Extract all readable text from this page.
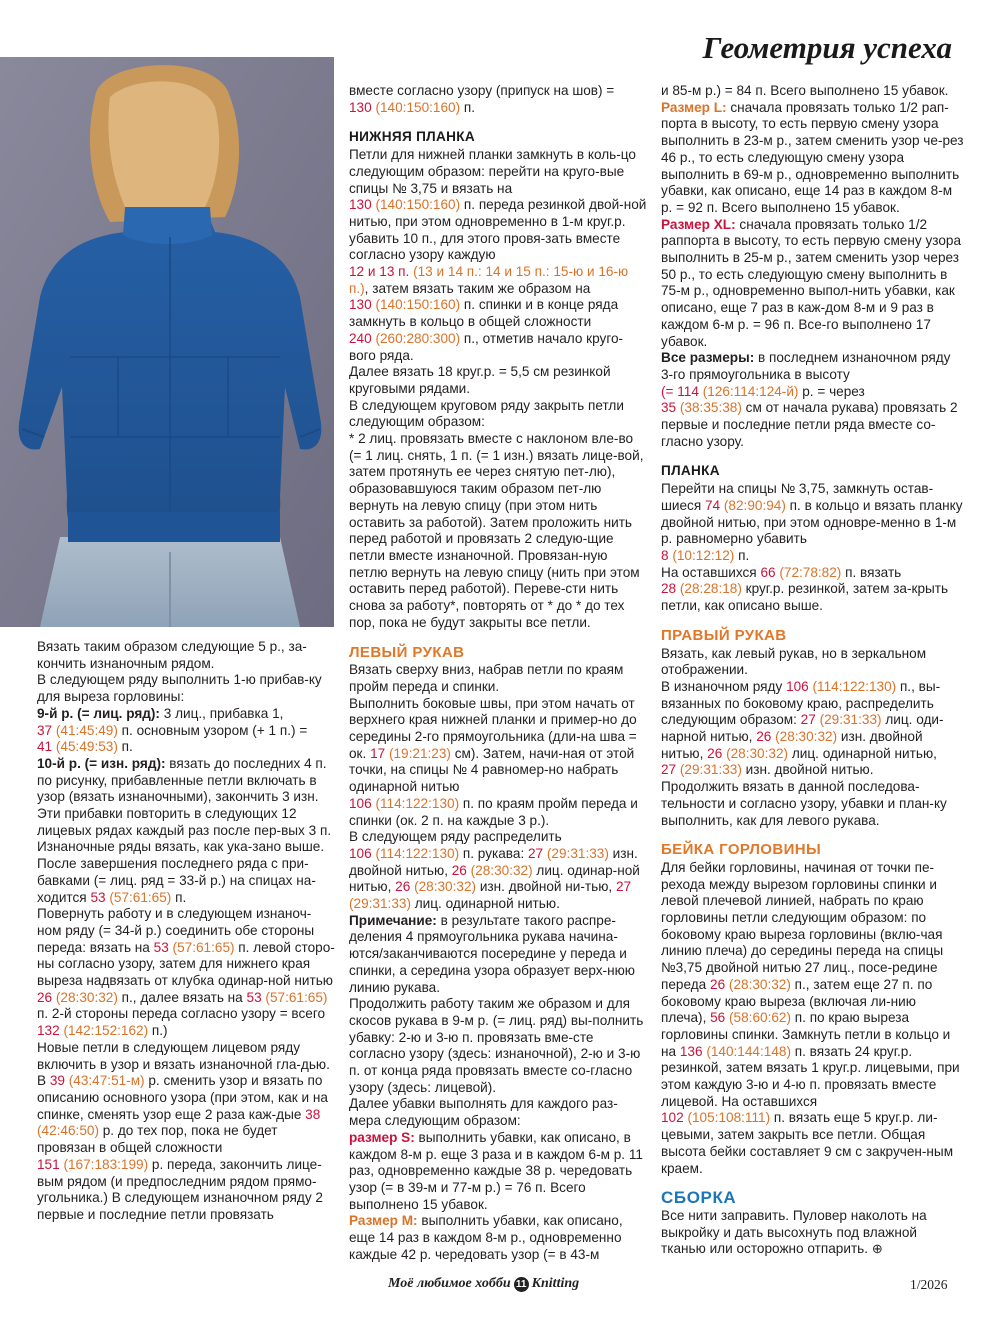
Геометрия успеха

Вязать таким образом следующие 5 р., за-кончить изнаночным рядом.

В следующем ряду выполнить 1-ю прибав-ку для выреза горловины:

9-й р. (= лиц. ряд): 3 лиц., прибавка 1,
37 (41:45:49) п. основным узором (+ 1 п.) =
41 (45:49:53) п.

10-й р. (= изн. ряд): вязать до последних 4 п. по рисунку, прибавленные петли включать в узор (вязать изнаночными), закончить 3 изн.

Эти прибавки повторить в следующих 12 лицевых рядах каждый раз после пер-вых 3 п. Изнаночные ряды вязать, как ука-зано выше.

После завершения последнего ряда с при-бавками (= лиц. ряд = 33-й р.) на спицах на-ходится 53 (57:61:65) п.

Повернуть работу и в следующем изнаноч-ном ряду (= 34-й р.) соединить обе стороны переда: вязать на 53 (57:61:65) п. левой сторо-ны согласно узору, затем для нижнего края выреза надвязать от клубка одинар-ной нитью 26 (28:30:32) п., далее вязать на 53 (57:61:65) п. 2-й стороны переда согласно узору = всего 132 (142:152:162) п.)

Новые петли в следующем лицевом ряду включить в узор и вязать изнаночной гла-дью.

В 39 (43:47:51-м) р. сменить узор и вязать по описанию основного узора (при этом, как и на спинке, сменять узор еще 2 раза каж-дые 38 (42:46:50) р. до тех пор, пока не будет провязан в общей сложности
151 (167:183:199) р. переда, закончить лице-вым рядом (и предпоследним рядом прямо-угольника.) В следующем изнаночном ряду 2 первые и последние петли провязать

вместе согласно узору (припуск на шов) =
130 (140:150:160) п.

НИЖНЯЯ ПЛАНКА

Петли для нижней планки замкнуть в коль-цо следующим образом: перейти на круго-вые спицы № 3,75 и вязать на
130 (140:150:160) п. переда резинкой двой-ной нитью, при этом одновременно в 1-м круг.р. убавить 10 п., для этого провя-зать вместе согласно узору каждую
12 и 13 п. (13 и 14 п.: 14 и 15 п.: 15-ю и 16-ю п.), затем вязать таким же образом на
130 (140:150:160) п. спинки и в конце ряда замкнуть в кольцо в общей сложности
240 (260:280:300) п., отметив начало круго-вого ряда.

Далее вязать 18 круг.р. = 5,5 см резинкой круговыми рядами.

В следующем круговом ряду закрыть петли следующим образом:

* 2 лиц. провязать вместе с наклоном вле-во (= 1 лиц. снять, 1 п. (= 1 изн.) вязать лице-вой, затем протянуть ее через снятую пет-лю), образовавшуюся таким образом пет-лю вернуть на левую спицу (при этом нить оставить за работой). Затем проложить нить перед работой и провязать 2 следую-щие петли вместе изнаночной. Провязан-ную петлю вернуть на левую спицу (нить при этом оставить перед работой). Переве-сти нить снова за работу*, повторять от * до * до тех пор, пока не будут закрыты все петли.

ЛЕВЫЙ РУКАВ

Вязать сверху вниз, набрав петли по краям пройм переда и спинки.

Выполнить боковые швы, при этом начать от верхнего края нижней планки и пример-но до середины 2-го прямоугольника (дли-на шва = ок. 17 (19:21:23) см). Затем, начи-ная от этой точки, на спицы № 4 равномер-но набрать одинарной нитью
106 (114:122:130) п. по краям пройм переда и спинки (ок. 2 п. на каждые 3 р.).

В следующем ряду распределить
106 (114:122:130) п. рукава: 27 (29:31:33) изн. двойной нитью, 26 (28:30:32) лиц. одинар-ной нитью, 26 (28:30:32) изн. двойной ни-тью, 27 (29:31:33) лиц. одинарной нитью.

Примечание: в результате такого распре-деления 4 прямоугольника рукава начина-ются/заканчиваются посередине у переда и спинки, а середина узора образует верх-нюю линию рукава.

Продолжить работу таким же образом и для скосов рукава в 9-м р. (= лиц. ряд) вы-полнить убавку: 2-ю и 3-ю п. провязать вме-сте согласно узору (здесь: изнаночной), 2-ю и 3-ю п. от конца ряда провязать вместе со-гласно узору (здесь: лицевой).

Далее убавки выполнять для каждого раз-мера следующим образом:

размер S: выполнить убавки, как описано, в каждом 8-м р. еще 3 раза и в каждом 6-м р. 11 раз, одновременно каждые 38 р. чередовать узор (= в 39-м и 77-м р.) = 76 п. Всего выполнено 15 убавок.

Размер M: выполнить убавки, как описано, еще 14 раз в каждом 8-м р., одновременно каждые 42 р. чередовать узор (= в 43-м

и 85-м р.) = 84 п. Всего выполнено 15 убавок.

Размер L: сначала провязать только 1/2 рап-порта в высоту, то есть первую смену узора выполнить в 23-м р., затем сменить узор че-рез 46 р., то есть следующую смену узора выполнить в 69-м р., одновременно выполнить убавки, как описано, еще 14 раз в каждом 8-м р. = 92 п. Всего выполнено 15 убавок.

Размер XL: сначала провязать только 1/2 раппорта в высоту, то есть первую смену узора выполнить в 25-м р., затем сменить узор через 50 р., то есть следующую смену выполнить в 75-м р., одновременно выпол-нить убавки, как описано, еще 7 раз в каж-дом 8-м и 9 раз в каждом 6-м р. = 96 п. Все-го выполнено 17 убавок.

Все размеры: в последнем изнаночном ряду 3-го прямоугольника в высоту
(= 114 (126:114:124-й) р. = через
35 (38:35:38) см от начала рукава) провязать 2 первые и последние петли ряда вместе со-гласно узору.

ПЛАНКА

Перейти на спицы № 3,75, замкнуть остав-шиеся 74 (82:90:94) п. в кольцо и вязать планку двойной нитью, при этом одновре-менно в 1-м р. равномерно убавить
8 (10:12:12) п.

На оставшихся 66 (72:78:82) п. вязать
28 (28:28:18) круг.р. резинкой, затем за-крыть петли, как описано выше.

ПРАВЫЙ РУКАВ

Вязать, как левый рукав, но в зеркальном отображении.

В изнаночном ряду 106 (114:122:130) п., вы-вязанных по боковому краю, распределить следующим образом: 27 (29:31:33) лиц. оди-нарной нитью, 26 (28:30:32) изн. двойной нитью, 26 (28:30:32) лиц. одинарной нитью,
27 (29:31:33) изн. двойной нитью.

Продолжить вязать в данной последова-тельности и согласно узору, убавки и план-ку выполнить, как для левого рукава.

БЕЙКА ГОРЛОВИНЫ

Для бейки горловины, начиная от точки пе-рехода между вырезом горловины спинки и левой плечевой линией, набрать по краю горловины петли следующим образом: по боковому краю выреза горловины (вклю-чая линию плеча) до середины переда на спицы №3,75 двойной нитью 27 лиц., посе-редине переда 26 (28:30:32) п., затем еще 27 п. по боковому краю выреза (включая ли-нию плеча), 56 (58:60:62) п. по краю выреза горловины спинки. Замкнуть петли в кольцо и на 136 (140:144:148) п. вязать 24 круг.р. резинкой, затем вязать 1 круг.р. лицевыми, при этом каждую 3-ю и 4-ю п. провязать вместе лицевой. На оставшихся
102 (105:108:111) п. вязать еще 5 круг.р. ли-цевыми, затем закрыть все петли. Общая высота бейки составляет 9 см с закручен-ным краем.

СБОРКА

Все нити заправить. Пуловер наколоть на выкройку и дать высохнуть под влажной тканью или осторожно отпарить. ⊕

Моё любимое хобби 11 Knitting	1/2026
